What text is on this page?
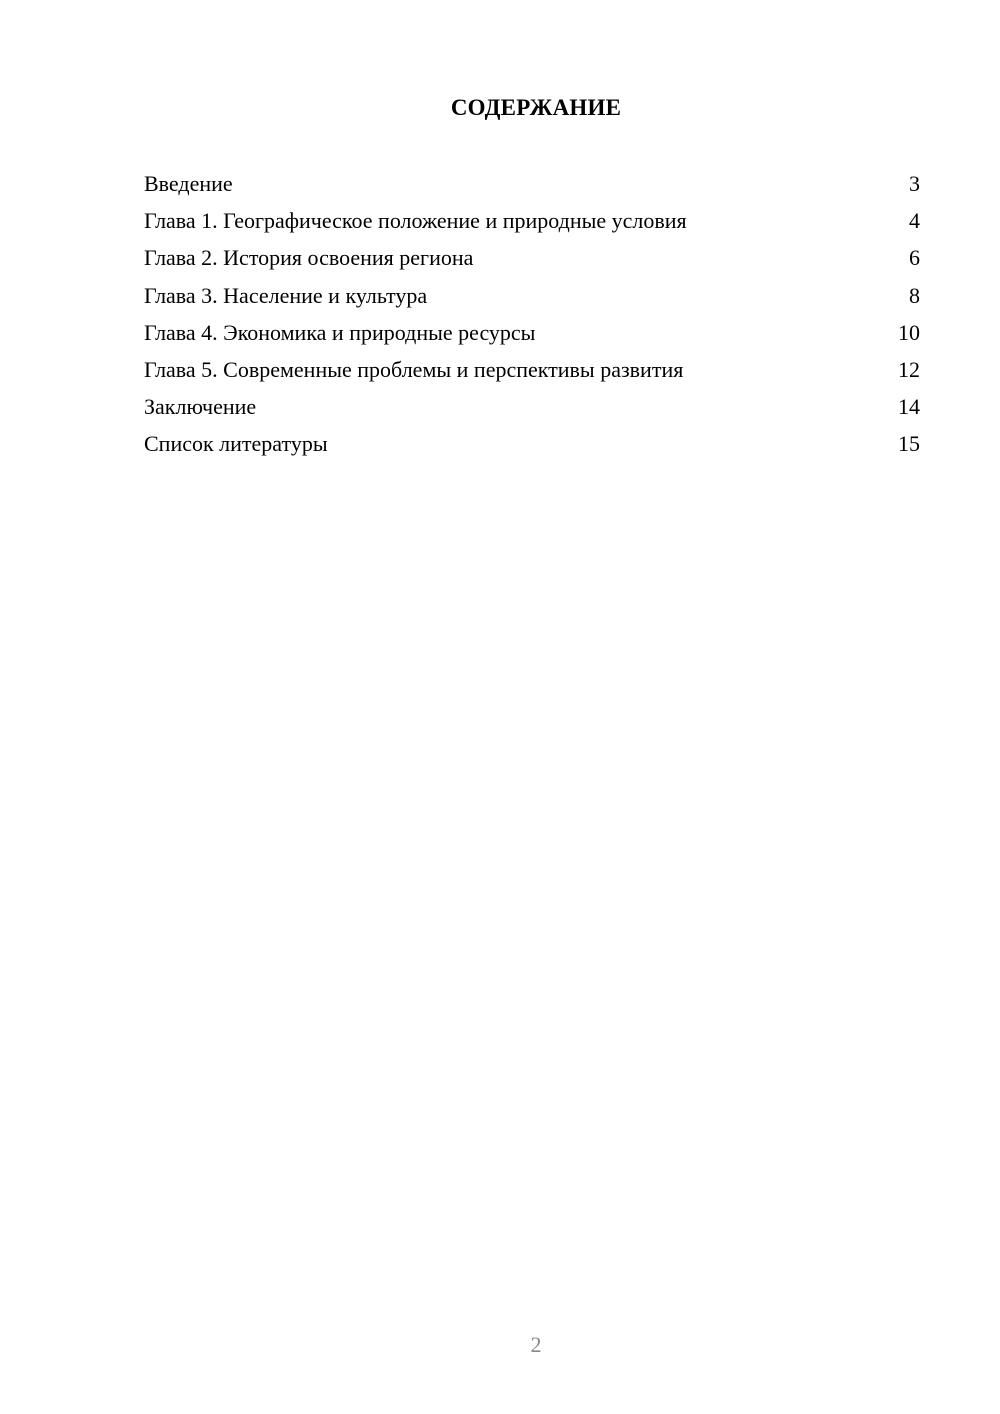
СОДЕРЖАНИЕ
Введение	3
Глава 1. Географическое положение и природные условия	4
Глава 2. История освоения региона	6
Глава 3. Население и культура	8
Глава 4. Экономика и природные ресурсы	10
Глава 5. Современные проблемы и перспективы развития	12
Заключение	14
Список литературы	15
2
